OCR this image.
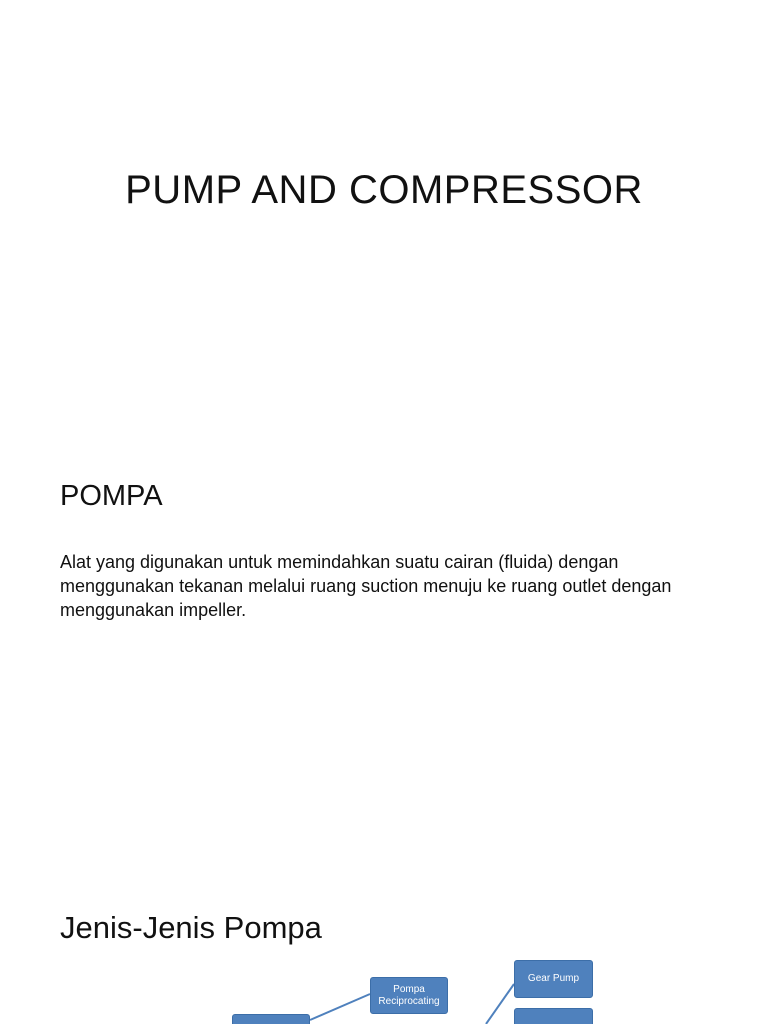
PUMP AND COMPRESSOR
POMPA
Alat yang digunakan untuk memindahkan suatu cairan (fluida) dengan menggunakan tekanan melalui ruang suction menuju ke ruang outlet dengan menggunakan impeller.
Jenis-Jenis Pompa
Pompa Reciprocating
Gear Pump
